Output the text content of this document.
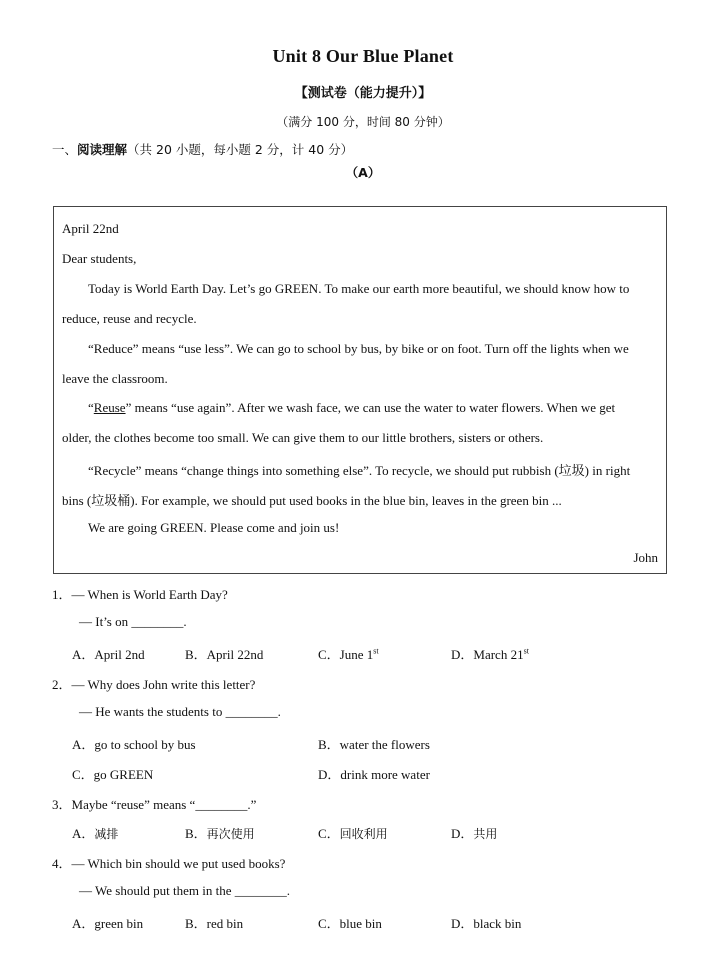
Unit 8 Our Blue Planet
【测试卷（能力提升）】
（满分 100 分，时间 80 分钟）
一、阅读理解（共 20 小题，每小题 2 分，计 40 分）
（A）
April 22nd
Dear students,
Today is World Earth Day. Let’s go GREEN. To make our earth more beautiful, we should know how to
reduce, reuse and recycle.
“Reduce” means “use less”. We can go to school by bus, by bike or on foot. Turn off the lights when we
leave the classroom.
“Reuse” means “use again”. After we wash face, we can use the water to water flowers. When we get
older, the clothes become too small. We can give them to our little brothers, sisters or others.
“Recycle” means “change things into something else”. To recycle, we should put rubbish (垃圾) in right
bins (垃圾桶). For example, we should put used books in the blue bin, leaves in the green bin ...
We are going GREEN. Please come and join us!
John
1．— When is World Earth Day?
— It’s on ________.
A．April 2nd	B．April 22nd	C．June 1st	D．March 21st
2．— Why does John write this letter?
— He wants the students to ________.
A．go to school by bus	B．water the flowers
C．go GREEN	D．drink more water
3．Maybe “reuse” means “________.”
A．减排	B．再次使用	C．回收利用	D．共用
4．— Which bin should we put used books?
— We should put them in the ________.
A．green bin	B．red bin	C．blue bin	D．black bin
